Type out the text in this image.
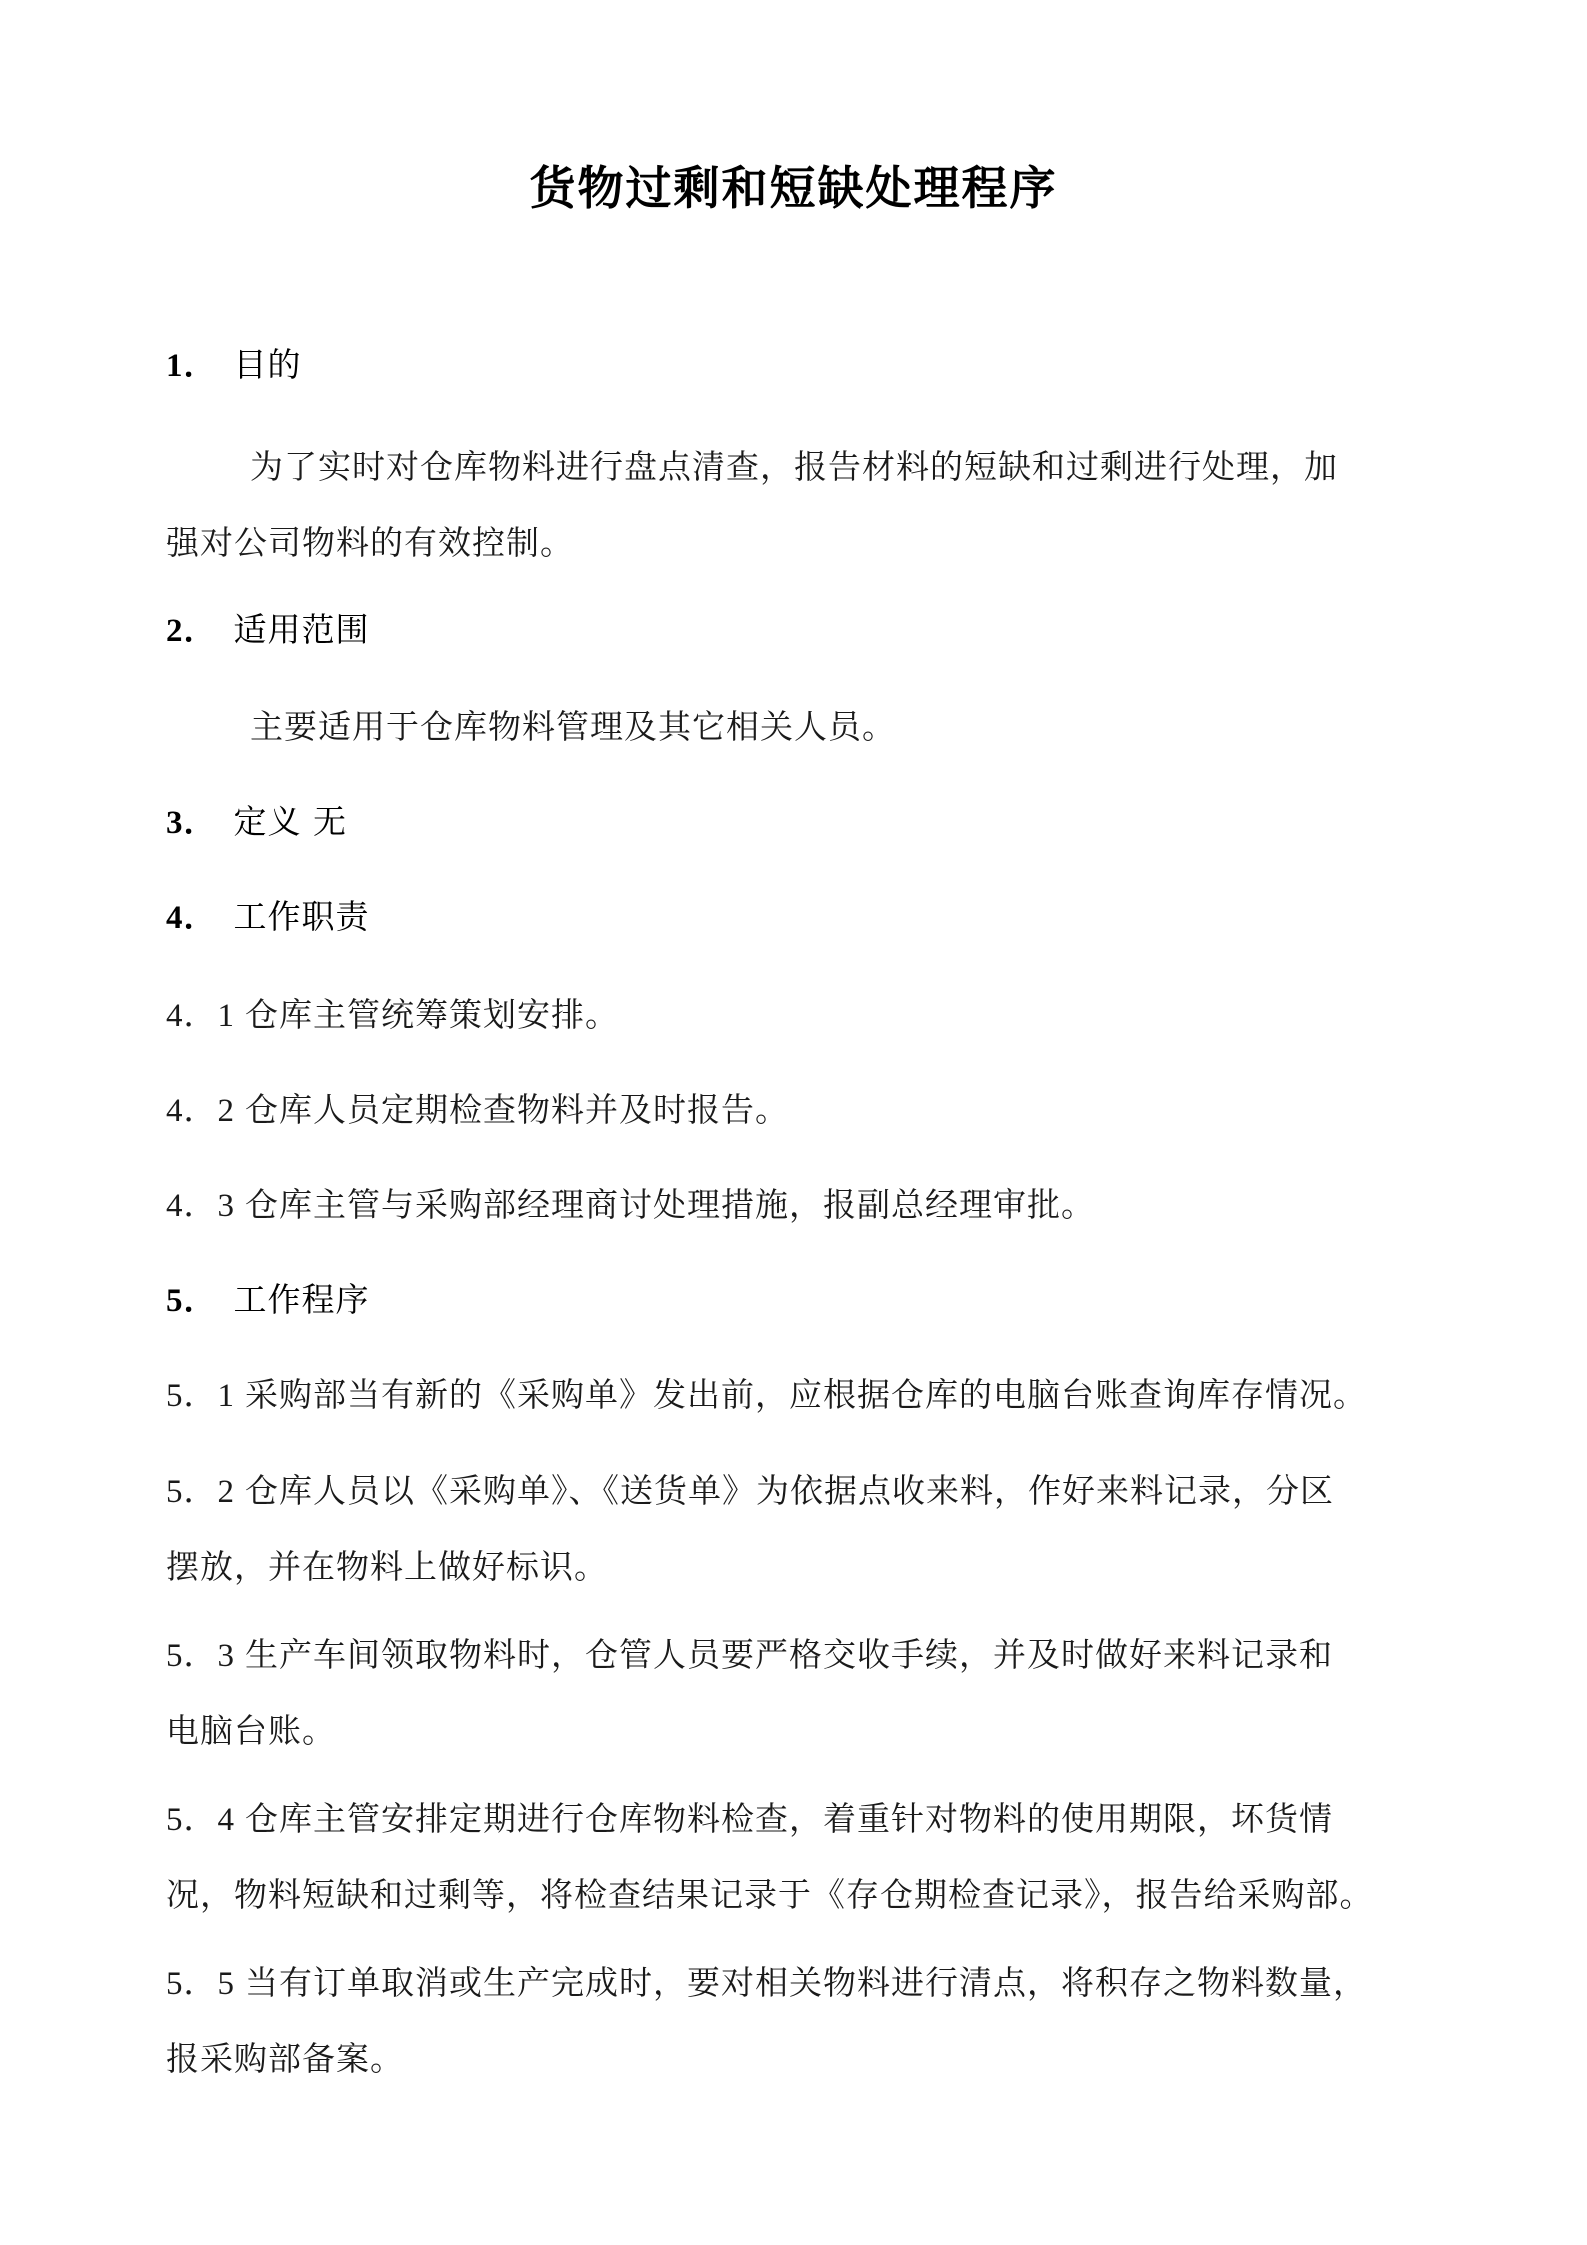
货物过剩和短缺处理程序
1． 目的
为了实时对仓库物料进行盘点清查，报告材料的短缺和过剩进行处理，加
强对公司物料的有效控制。
2． 适用范围
主要适用于仓库物料管理及其它相关人员。
3． 定义 无
4． 工作职责
4．1 仓库主管统筹策划安排。
4．2 仓库人员定期检查物料并及时报告。
4．3 仓库主管与采购部经理商讨处理措施，报副总经理审批。
5． 工作程序
5．1 采购部当有新的《采购单》发出前，应根据仓库的电脑台账查询库存情况。
5．2 仓库人员以《采购单》、《送货单》为依据点收来料，作好来料记录，分区
摆放，并在物料上做好标识。
5．3 生产车间领取物料时，仓管人员要严格交收手续，并及时做好来料记录和
电脑台账。
5．4 仓库主管安排定期进行仓库物料检查，着重针对物料的使用期限，坏货情
况，物料短缺和过剩等，将检查结果记录于《存仓期检查记录》，报告给采购部。
5．5 当有订单取消或生产完成时，要对相关物料进行清点，将积存之物料数量，
报采购部备案。
